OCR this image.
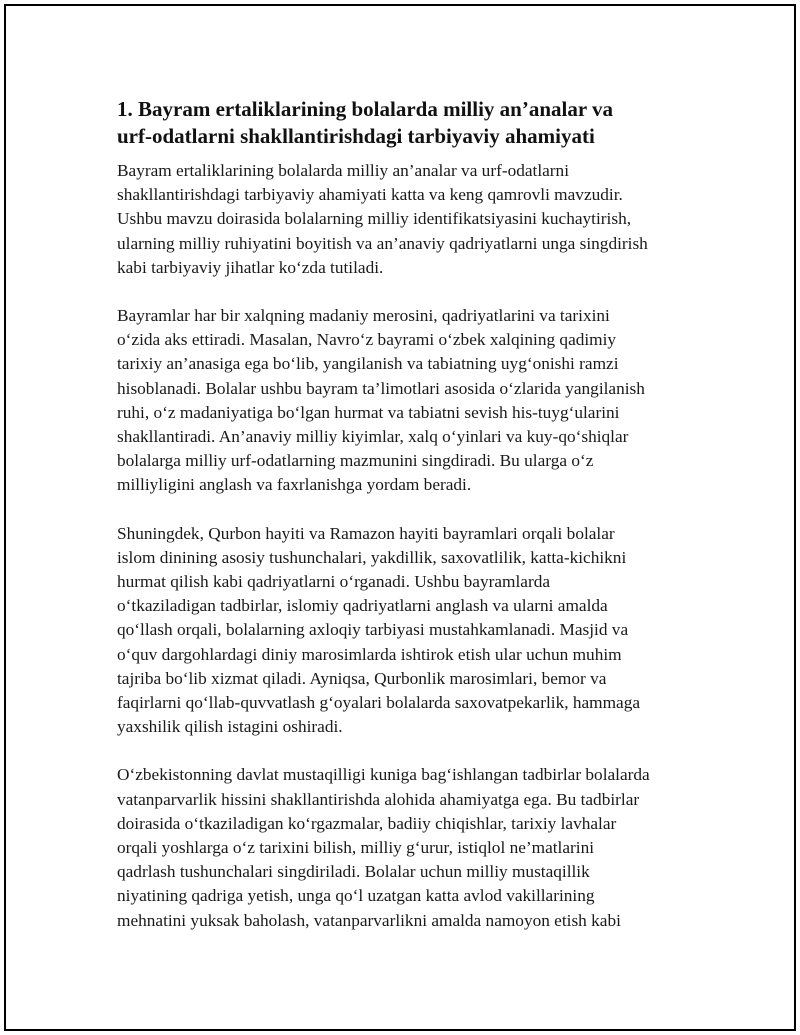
1. Bayram ertaliklarining bolalarda milliy an’analar va
urf-odatlarni shakllantirishdagi tarbiyaviy ahamiyati

Bayram ertaliklarining bolalarda milliy an’analar va urf-odatlarni
shakllantirishdagi tarbiyaviy ahamiyati katta va keng qamrovli mavzudir.
Ushbu mavzu doirasida bolalarning milliy identifikatsiyasini kuchaytirish,
ularning milliy ruhiyatini boyitish va an’anaviy qadriyatlarni unga singdirish
kabi tarbiyaviy jihatlar ko‘zda tutiladi.

Bayramlar har bir xalqning madaniy merosini, qadriyatlarini va tarixini
o‘zida aks ettiradi. Masalan, Navro‘z bayrami o‘zbek xalqining qadimiy
tarixiy an’anasiga ega bo‘lib, yangilanish va tabiatning uyg‘onishi ramzi
hisoblanadi. Bolalar ushbu bayram ta’limotlari asosida o‘zlarida yangilanish
ruhi, o‘z madaniyatiga bo‘lgan hurmat va tabiatni sevish his-tuyg‘ularini
shakllantiradi. An’anaviy milliy kiyimlar, xalq o‘yinlari va kuy-qo‘shiqlar
bolalarga milliy urf-odatlarning mazmunini singdiradi. Bu ularga o‘z
milliyligini anglash va faxrlanishga yordam beradi.

Shuningdek, Qurbon hayiti va Ramazon hayiti bayramlari orqali bolalar
islom dinining asosiy tushunchalari, yakdillik, saxovatlilik, katta-kichikni
hurmat qilish kabi qadriyatlarni o‘rganadi. Ushbu bayramlarda
o‘tkaziladigan tadbirlar, islomiy qadriyatlarni anglash va ularni amalda
qo‘llash orqali, bolalarning axloqiy tarbiyasi mustahkamlanadi. Masjid va
o‘quv dargohlardagi diniy marosimlarda ishtirok etish ular uchun muhim
tajriba bo‘lib xizmat qiladi. Ayniqsa, Qurbonlik marosimlari, bemor va
faqirlarni qo‘llab-quvvatlash g‘oyalari bolalarda saxovatpekarlik, hammaga
yaxshilik qilish istagini oshiradi.

O‘zbekistonning davlat mustaqilligi kuniga bag‘ishlangan tadbirlar bolalarda
vatanparvarlik hissini shakllantirishda alohida ahamiyatga ega. Bu tadbirlar
doirasida o‘tkaziladigan ko‘rgazmalar, badiiy chiqishlar, tarixiy lavhalar
orqali yoshlarga o‘z tarixini bilish, milliy g‘urur, istiqlol ne’matlarini
qadrlash tushunchalari singdiriladi. Bolalar uchun milliy mustaqillik
niyatining qadriga yetish, unga qo‘l uzatgan katta avlod vakillarining
mehnatini yuksak baholash, vatanparvarlikni amalda namoyon etish kabi
